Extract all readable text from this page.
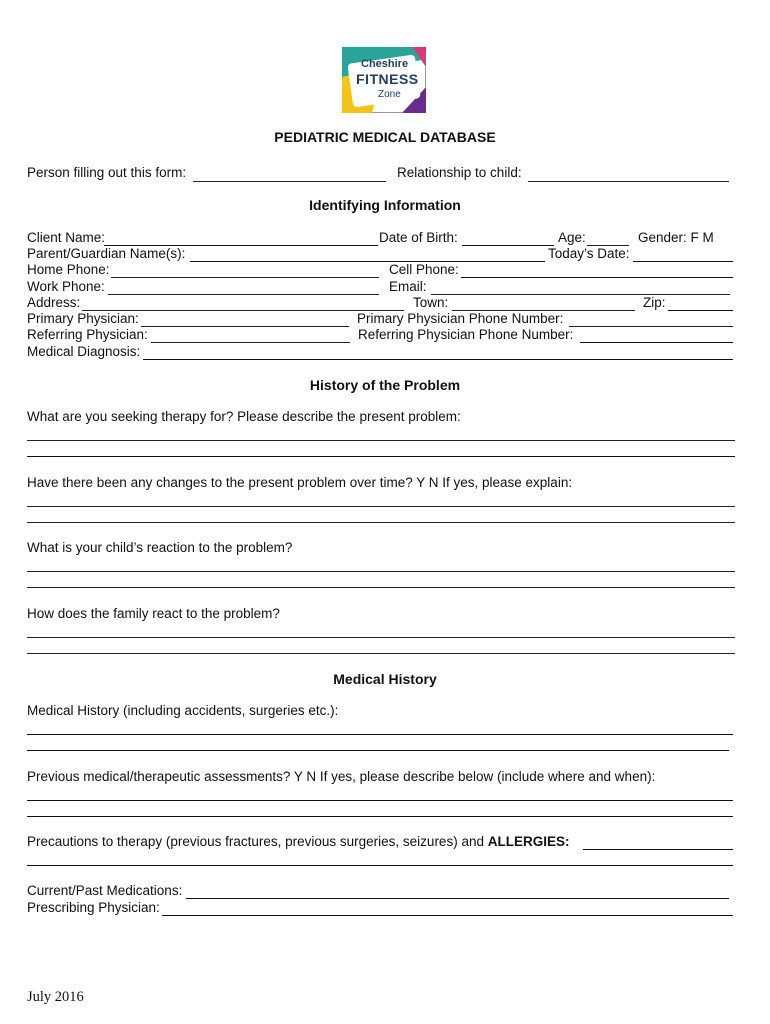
Cheshire
FITNESS
Zone
PEDIATRIC MEDICAL DATABASE
Person filling out this form:	Relationship to child:
Identifying Information
Client Name:	Date of Birth:	Age:	Gender: F M
Parent/Guardian Name(s):	Today’s Date:
Home Phone:	Cell Phone:
Work Phone:	Email:
Address:	Town:	Zip:
Primary Physician:	Primary Physician Phone Number:
Referring Physician:	Referring Physician Phone Number:
Medical Diagnosis:
History of the Problem
What are you seeking therapy for? Please describe the present problem:
Have there been any changes to the present problem over time? Y N If yes, please explain:
What is your child’s reaction to the problem?
How does the family react to the problem?
Medical History
Medical History (including accidents, surgeries etc.):
Previous medical/therapeutic assessments? Y N If yes, please describe below (include where and when):
Precautions to therapy (previous fractures, previous surgeries, seizures) and ALLERGIES:
Current/Past Medications:
Prescribing Physician:
July 2016
